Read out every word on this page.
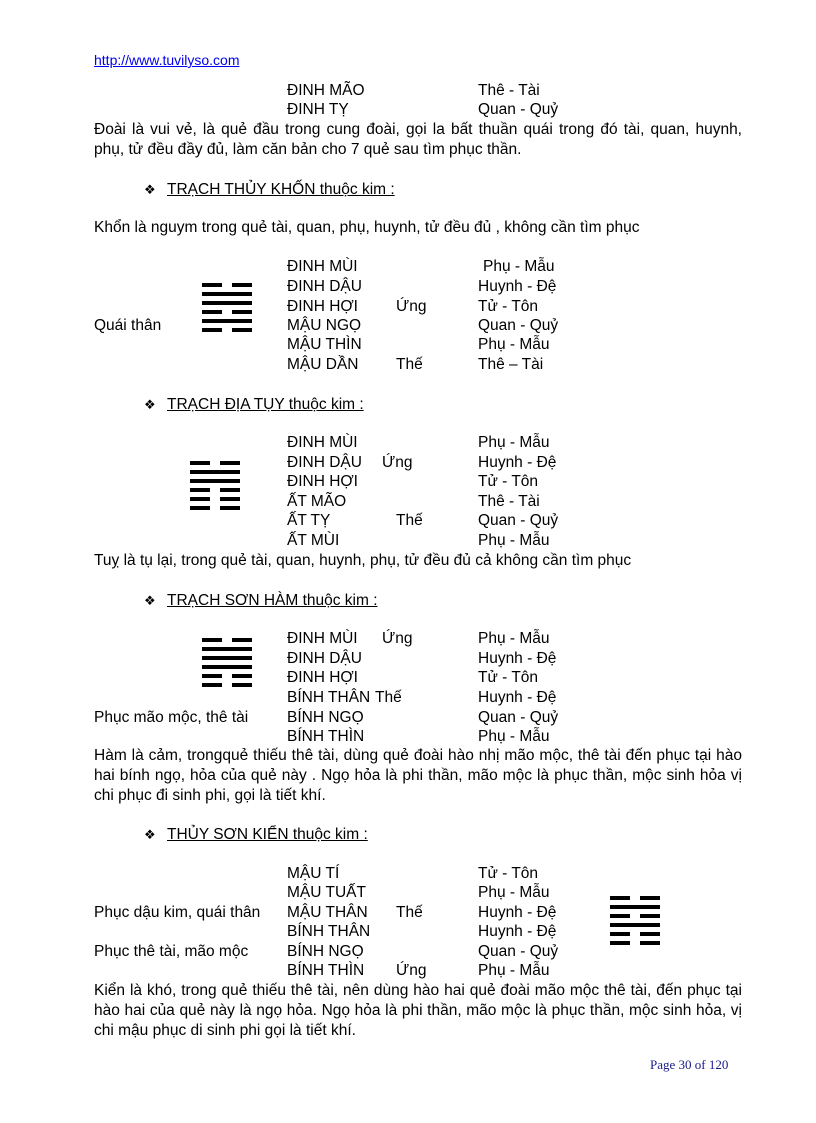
http://www.tuvilyso.com
ĐINH MÃO	Thê - Tài
ĐINH TỴ	Quan - Quỷ

Đoài là vui vẻ, là quẻ đầu trong cung đoài, gọi la bất thuần quái trong đó tài, quan, huynh, phụ, tử đều đầy đủ, làm căn bản cho 7 quẻ sau tìm phục thần.

❖ TRẠCH THỦY KHỐN thuộc kim :
Khổn là nguym trong quẻ tài, quan, phụ, huynh, tử đều đủ , không cần tìm phục
Quái thân
ĐINH MÙI	Phụ - Mẫu
ĐINH DẬU	Huynh - Đệ
ĐINH HỢI Ứng	Tử - Tôn
MẬU NGỌ	Quan - Quỷ
MẬU THÌN	Phụ - Mẫu
MẬU DẦN Thế	Thê – Tài
❖ TRẠCH ĐỊA TỤY thuộc kim :
ĐINH MÙI	Phụ - Mẫu
ĐINH DẬU Ứng	Huynh - Đệ
ĐINH HỢI	Tử - Tôn
ẤT MÃO	Thê - Tài
ẤT TỴ	Thế	Quan - Quỷ
ẤT MÙI	Phụ - Mẫu
Tuỵ là tụ lại, trong quẻ tài, quan, huynh, phụ, tử đều đủ cả không cần tìm phục
❖ TRẠCH SƠN HÀM thuộc kim :
Phục mão mộc, thê tài
ĐINH MÙI Ứng	Phụ - Mẫu
ĐINH DẬU	Huynh - Đệ
ĐINH HỢI	Tử - Tôn
BÍNH THÂN Thế	Huynh - Đệ
BÍNH NGỌ	Quan - Quỷ
BÍNH THÌN	Phụ - Mẫu

Hàm là cảm, trongquẻ thiếu thê tài, dùng quẻ đoài hào nhị mão mộc, thê tài đến phục tại hào hai bính ngọ, hỏa của quẻ này . Ngọ hỏa là phi thần, mão mộc là phục thần, mộc sinh hỏa vị chi phục đi sinh phi, gọi là tiết khí.

❖ THỦY SƠN KIỂN thuộc kim :
Phục dậu kim, quái thân
Phục thê tài, mão mộc
MẬU TÍ	Tử - Tôn
MẬU TUẤT	Phụ - Mẫu
MẬU THÂN Thế	Huynh - Đệ
BÍNH THÂN	Huynh - Đệ
BÍNH NGỌ	Quan - Quỷ
BÍNH THÌN Ứng	Phụ - Mẫu

Kiển là khó, trong quẻ thiếu thê tài, nên dùng hào hai quẻ đoài mão mộc thê tài, đến phục tại hào hai của quẻ này là ngọ hỏa. Ngọ hỏa là phi thần, mão mộc là phục thần, mộc sinh hỏa, vị chi mậu phục di sinh phi gọi là tiết khí.

Page 30 of 120
